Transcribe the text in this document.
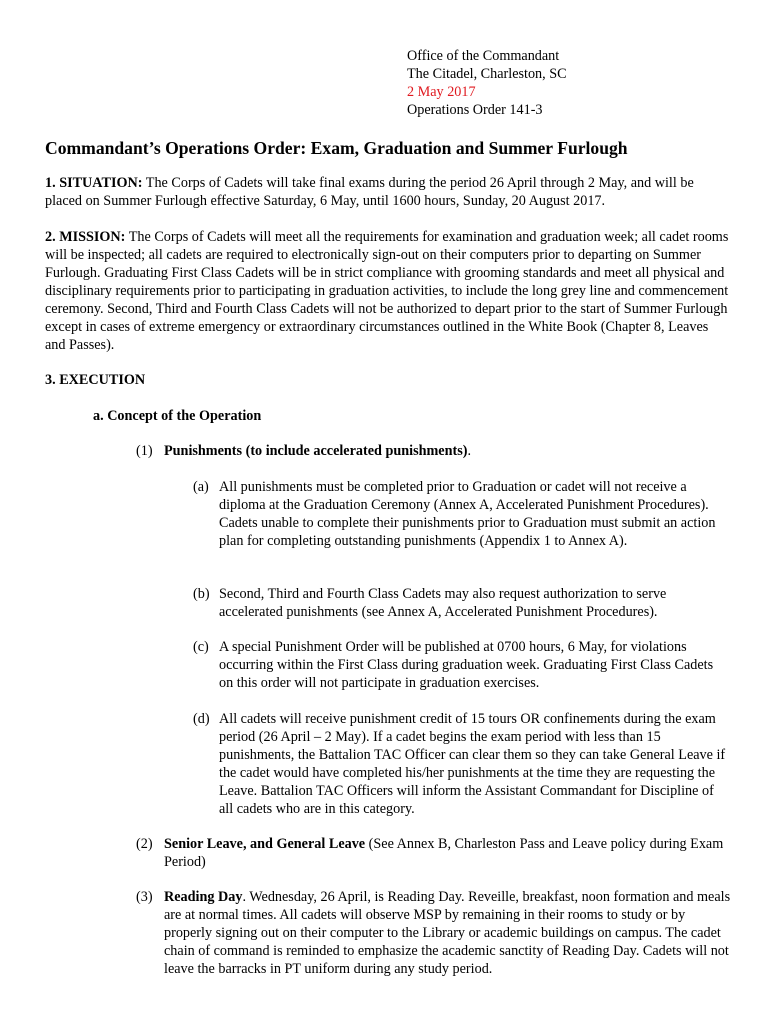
Office of the Commandant
The Citadel, Charleston, SC
2 May 2017
Operations Order 141-3
Commandant’s Operations Order: Exam, Graduation and Summer Furlough

1. SITUATION: The Corps of Cadets will take final exams during the period 26 April through 2 May, and will be placed on Summer Furlough effective Saturday, 6 May, until 1600 hours, Sunday, 20 August 2017.

2. MISSION: The Corps of Cadets will meet all the requirements for examination and graduation week; all cadet rooms will be inspected; all cadets are required to electronically sign-out on their computers prior to departing on Summer Furlough. Graduating First Class Cadets will be in strict compliance with grooming standards and meet all physical and disciplinary requirements prior to participating in graduation activities, to include the long grey line and commencement ceremony. Second, Third and Fourth Class Cadets will not be authorized to depart prior to the start of Summer Furlough except in cases of extreme emergency or extraordinary circumstances outlined in the White Book (Chapter 8, Leaves and Passes).

3. EXECUTION
a. Concept of the Operation
(1) Punishments (to include accelerated punishments).
(a) All punishments must be completed prior to Graduation or cadet will not receive a diploma at the Graduation Ceremony (Annex A, Accelerated Punishment Procedures). Cadets unable to complete their punishments prior to Graduation must submit an action plan for completing outstanding punishments (Appendix 1 to Annex A).
(b) Second, Third and Fourth Class Cadets may also request authorization to serve accelerated punishments (see Annex A, Accelerated Punishment Procedures).
(c) A special Punishment Order will be published at 0700 hours, 6 May, for violations occurring within the First Class during graduation week. Graduating First Class Cadets on this order will not participate in graduation exercises.
(d) All cadets will receive punishment credit of 15 tours OR confinements during the exam period (26 April – 2 May). If a cadet begins the exam period with less than 15 punishments, the Battalion TAC Officer can clear them so they can take General Leave if the cadet would have completed his/her punishments at the time they are requesting the Leave. Battalion TAC Officers will inform the Assistant Commandant for Discipline of all cadets who are in this category.
(2) Senior Leave, and General Leave (See Annex B, Charleston Pass and Leave policy during Exam Period)
(3) Reading Day. Wednesday, 26 April, is Reading Day. Reveille, breakfast, noon formation and meals are at normal times. All cadets will observe MSP by remaining in their rooms to study or by properly signing out on their computer to the Library or academic buildings on campus. The cadet chain of command is reminded to emphasize the academic sanctity of Reading Day. Cadets will not leave the barracks in PT uniform during any study period.
